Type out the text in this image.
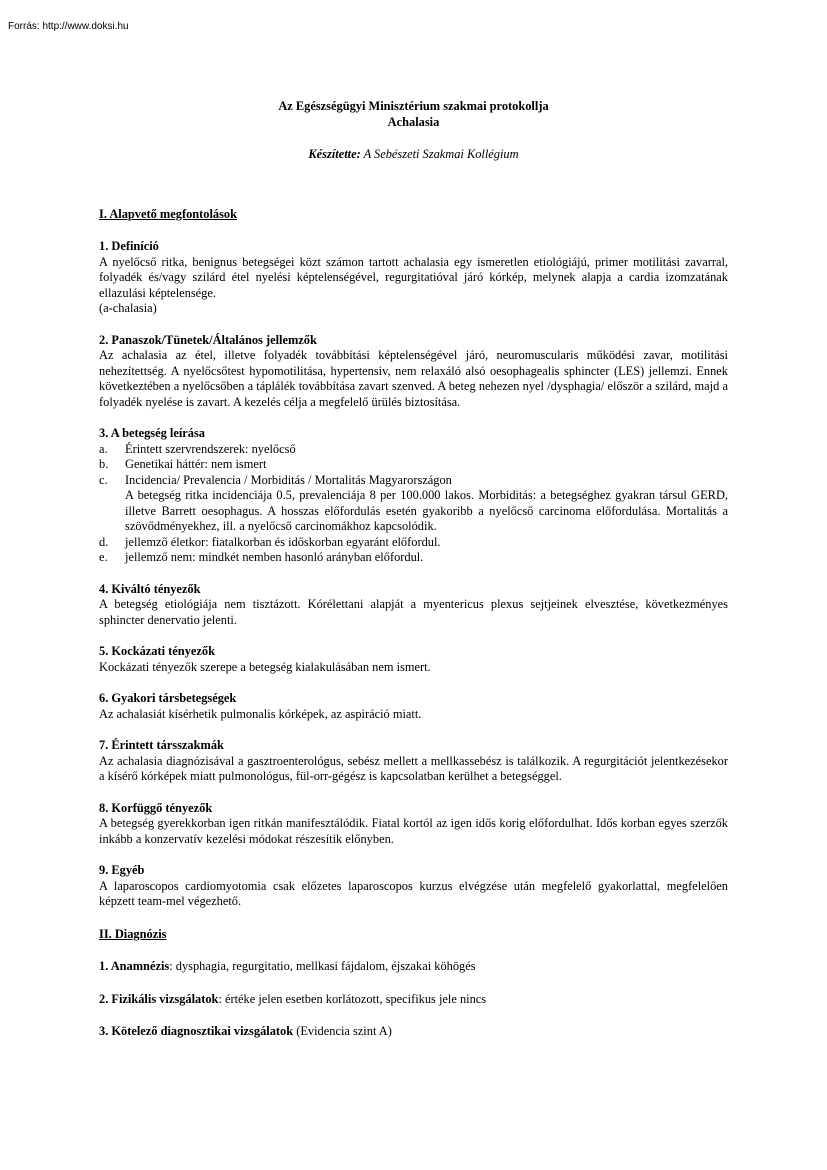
Forrás: http://www.doksi.hu

Az Egészségügyi Minisztérium szakmai protokollja

Achalasia

Készítette: A Sebészeti Szakmai Kollégium

I. Alapvető megfontolások

1. Definíció

A nyelőcső ritka, benignus betegségei közt számon tartott achalasia egy ismeretlen etiológiájú, primer motilitási zavarral, folyadék és/vagy szilárd étel nyelési képtelenségével, regurgitatióval járó kórkép, melynek alapja a cardia izomzatának ellazulási képtelensége.

(a-chalasia)

2. Panaszok/Tünetek/Általános jellemzők

Az achalasia az étel, illetve folyadék továbbítási képtelenségével járó, neuromuscularis működési zavar, motilitási nehezítettség. A nyelőcsőtest hypomotilitása, hypertensiv, nem relaxáló alsó oesophagealis sphincter (LES) jellemzi. Ennek következtében a nyelőcsőben a táplálék továbbítása zavart szenved. A beteg nehezen nyel /dysphagia/ először a szilárd, majd a folyadék nyelése is zavart. A kezelés célja a megfelelő ürülés biztosítása.

3. A betegség leírása

a.	Érintett szervrendszerek: nyelőcső
b.	Genetikai háttér: nem ismert
c.	Incidencia/ Prevalencia / Morbiditás / Mortalitás Magyarországon

A betegség ritka incidenciája 0.5, prevalenciája 8 per 100.000 lakos. Morbiditás: a betegséghez gyakran társul GERD, illetve Barrett oesophagus. A hosszas előfordulás esetén gyakoribb a nyelőcső carcinoma előfordulása. Mortalitás a szövődményekhez, ill. a nyelőcső carcinomákhoz kapcsolódik.

d.	jellemző életkor: fiatalkorban és időskorban egyaránt előfordul.
e.	jellemző nem: mindkét nemben hasonló arányban előfordul.

4. Kiváltó tényezők

A betegség etiológiája nem tisztázott. Kórélettani alapját a myentericus plexus sejtjeinek elvesztése, következményes sphincter denervatio jelenti.

5. Kockázati tényezők

Kockázati tényezők szerepe a betegség kialakulásában nem ismert.

6. Gyakori társbetegségek

Az achalasiát kísérhetik pulmonalis kórképek, az aspiráció miatt.

7. Érintett társszakmák

Az achalasia diagnózisával a gasztroenterológus, sebész mellett a mellkassebész is találkozik. A regurgitációt jelentkezésekor a kísérő kórképek miatt pulmonológus, fül-orr-gégész is kapcsolatban kerülhet a betegséggel.

8. Korfüggő tényezők

A betegség gyerekkorban igen ritkán manifesztálódik. Fiatal kortól az igen idős korig előfordulhat. Idős korban egyes szerzők inkább a konzervatív kezelési módokat részesítik előnyben.

9. Egyéb

A laparoscopos cardiomyotomia csak előzetes laparoscopos kurzus elvégzése után megfelelő gyakorlattal, megfelelően képzett team-mel végezhető.

II. Diagnózis

1. Anamnézis: dysphagia, regurgitatio, mellkasi fájdalom, éjszakai köhögés

2. Fizikális vizsgálatok: értéke jelen esetben korlátozott, specifikus jele nincs

3. Kötelező diagnosztikai vizsgálatok (Evidencia szint A)
